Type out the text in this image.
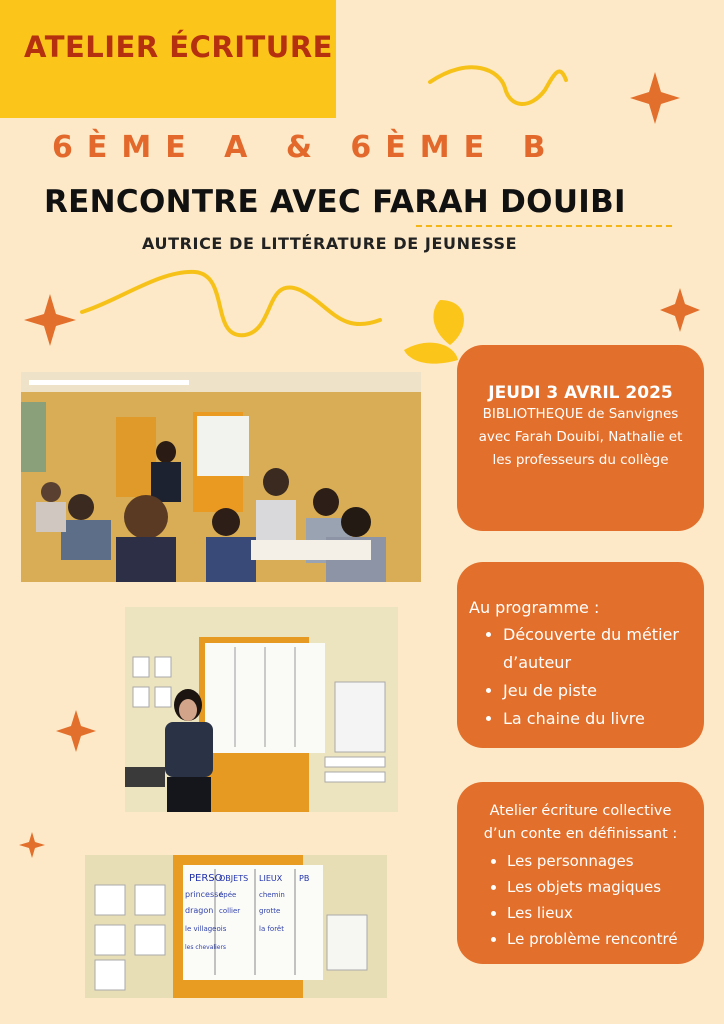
ATELIER ÉCRITURE
6ÈME A & 6ÈME B
RENCONTRE AVEC FARAH DOUIBI
AUTRICE DE LITTÉRATURE DE JEUNESSE
PERSO
OBJETS LIEUX PB
princesse
dragon
le villageois
les chevaliers
épée
collier
chemin
grotte
la forêt
JEUDI 3 AVRIL 2025
BIBLIOTHEQUE de Sanvignes
avec Farah Douibi, Nathalie et
les professeurs du collège
Au programme :
• Découverte du métier d’auteur
• Jeu de piste
• La chaine du livre
Atelier écriture collective
d’un conte en définissant :
• Les personnages
• Les objets magiques
• Les lieux
• Le problème rencontré
